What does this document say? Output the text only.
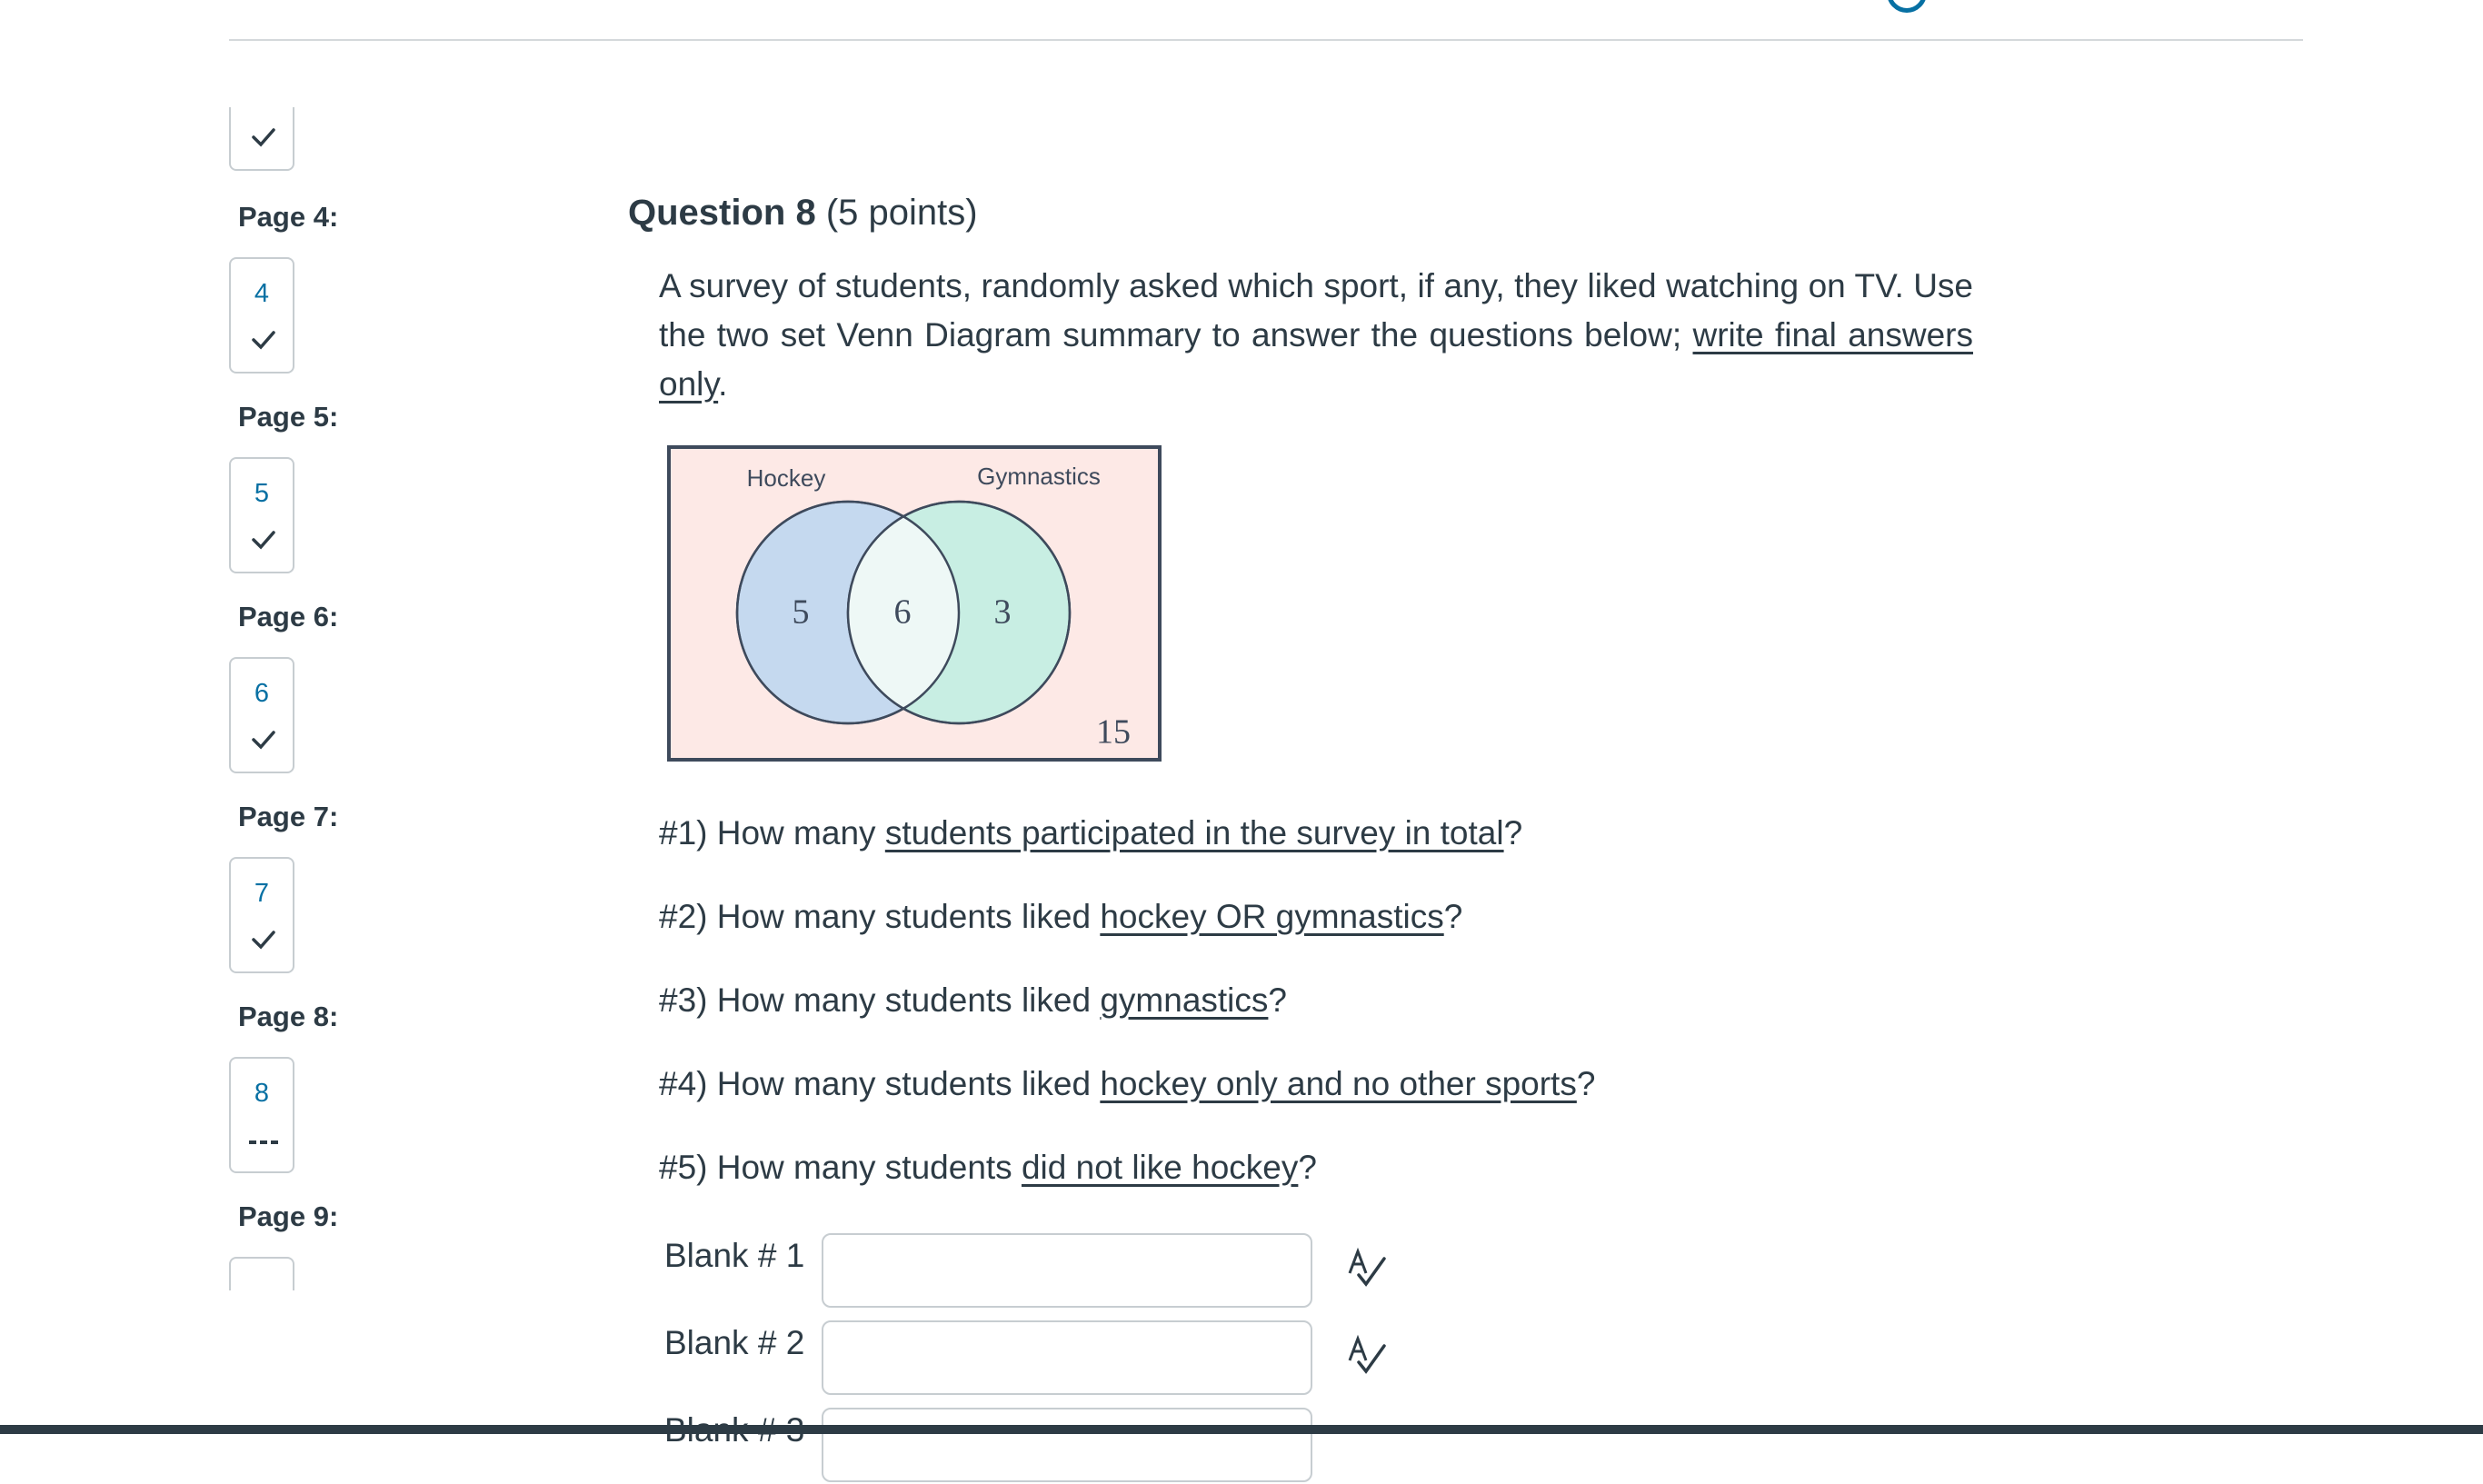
Page 4:
4
Page 5:
5
Page 6:
6
Page 7:
7
Page 8:
8
Page 9:
Question 8 (5 points)
A survey of students, randomly asked which sport, if any, they liked watching on TV. Use the two set Venn Diagram summary to answer the questions below; write final answers only.
Hockey	Gymnastics
5 6 3
15
#1) How many students participated in the survey in total?
#2) How many students liked hockey OR gymnastics?
#3) How many students liked gymnastics?
#4) How many students liked hockey only and no other sports?
#5) How many students did not like hockey?
Blank # 1
Blank # 2
